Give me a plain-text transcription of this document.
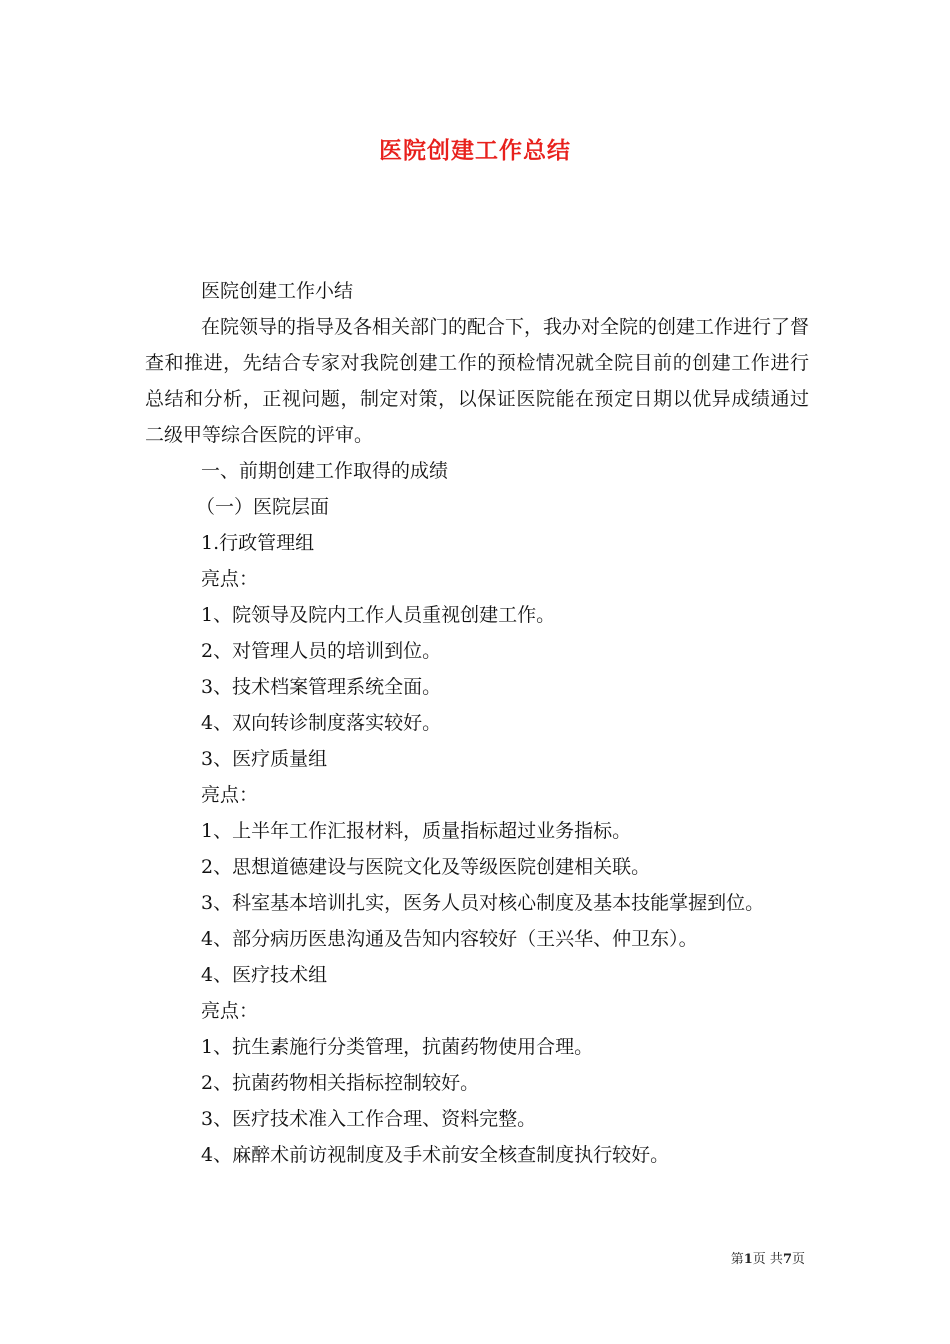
医院创建工作总结

医院创建工作小结

在院领导的指导及各相关部门的配合下，我办对全院的创建工作进行了督查和推进，先结合专家对我院创建工作的预检情况就全院目前的创建工作进行总结和分析，正视问题，制定对策，以保证医院能在预定日期以优异成绩通过二级甲等综合医院的评审。

一、前期创建工作取得的成绩

（一）医院层面

1.行政管理组

亮点：

1、院领导及院内工作人员重视创建工作。

2、对管理人员的培训到位。

3、技术档案管理系统全面。

4、双向转诊制度落实较好。

3、医疗质量组

亮点：

1、上半年工作汇报材料，质量指标超过业务指标。

2、思想道德建设与医院文化及等级医院创建相关联。

3、科室基本培训扎实，医务人员对核心制度及基本技能掌握到位。

4、部分病历医患沟通及告知内容较好（王兴华、仲卫东）。

4、医疗技术组

亮点：

1、抗生素施行分类管理，抗菌药物使用合理。

2、抗菌药物相关指标控制较好。

3、医疗技术准入工作合理、资料完整。

4、麻醉术前访视制度及手术前安全核查制度执行较好。

第1页 共7页
